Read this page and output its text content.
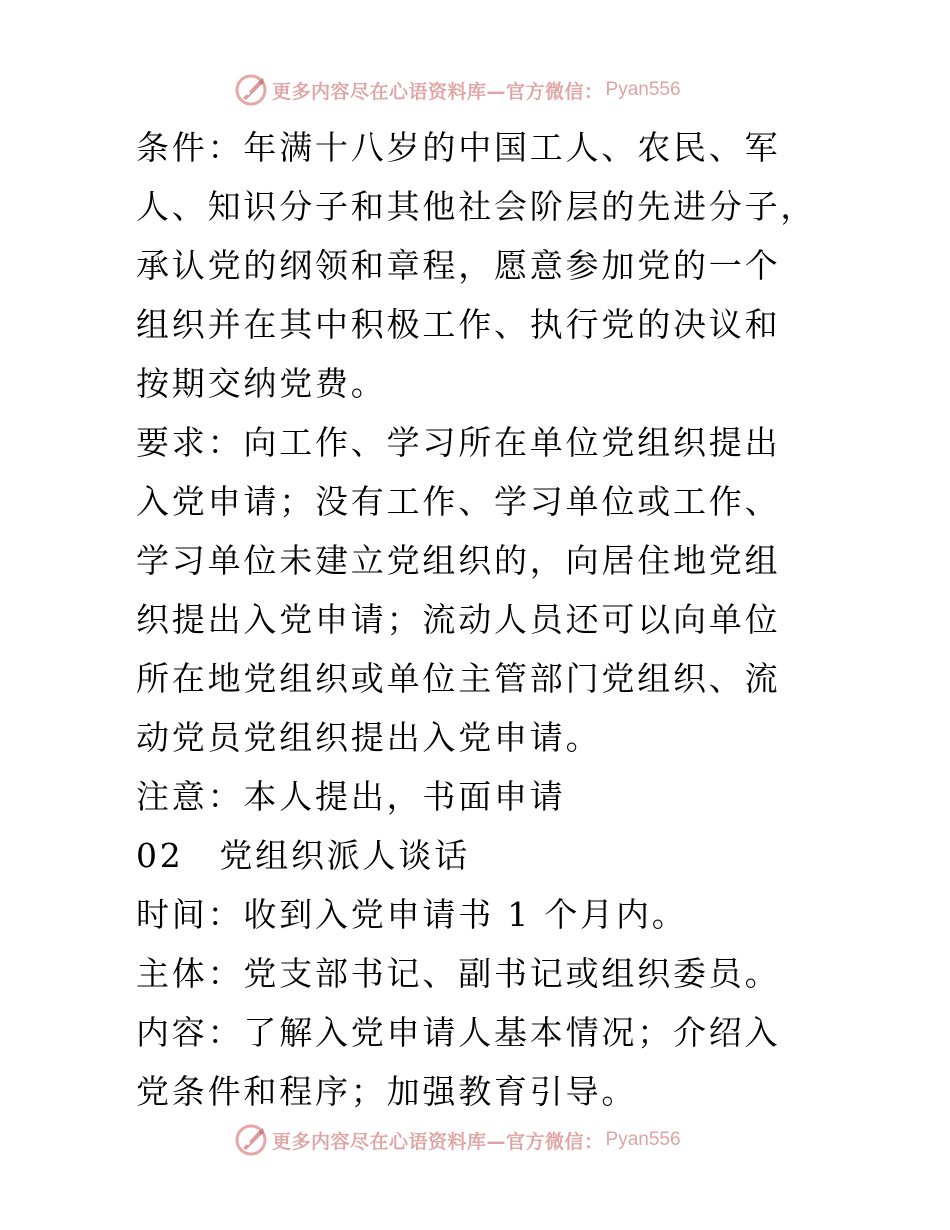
更多内容尽在心语资料库—官方微信： Pyan556
条件：年满十八岁的中国工人、农民、军
人、知识分子和其他社会阶层的先进分子，
承认党的纲领和章程，愿意参加党的一个
组织并在其中积极工作、执行党的决议和
按期交纳党费。
要求：向工作、学习所在单位党组织提出
入党申请；没有工作、学习单位或工作、
学习单位未建立党组织的，向居住地党组
织提出入党申请；流动人员还可以向单位
所在地党组织或单位主管部门党组织、流
动党员党组织提出入党申请。
注意：本人提出，书面申请
02　党组织派人谈话
时间：收到入党申请书 1 个月内。
主体：党支部书记、副书记或组织委员。
内容：了解入党申请人基本情况；介绍入
党条件和程序；加强教育引导。
更多内容尽在心语资料库—官方微信： Pyan556
